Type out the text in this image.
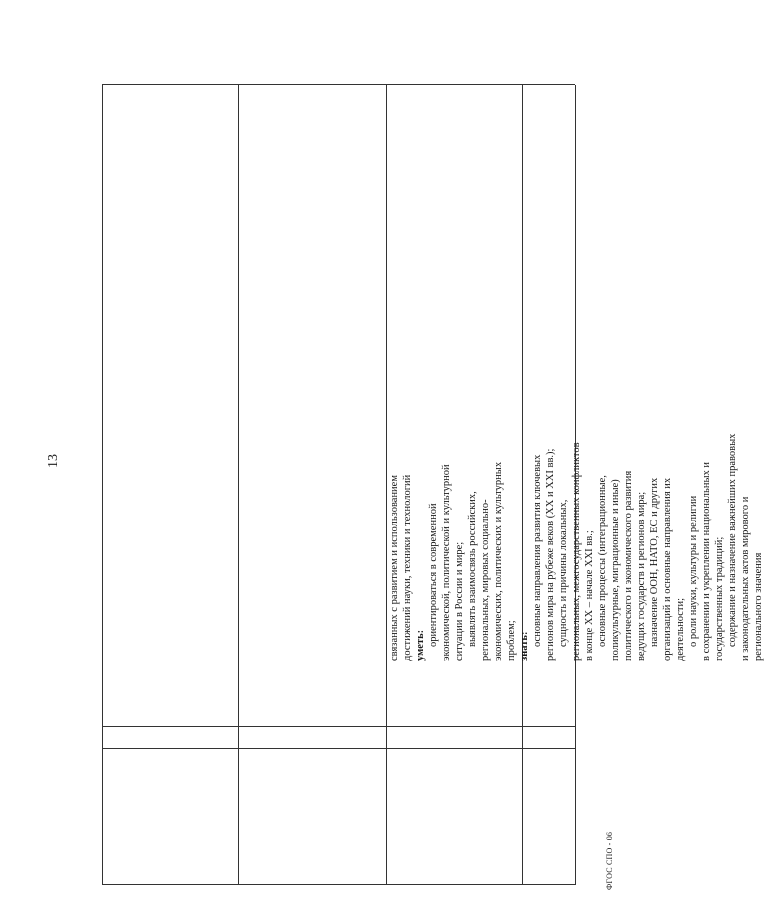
13
ФГОС СПО - 06

связанных с развитием и использованием достижений науки, техники и технологий уметь: ориентироваться в современной экономической, политической и культурной ситуации в России и мире; выявлять взаимосвязь российских, региональных, мировых социально- экономических, политических и культурных проблем; знать: основные направления развития ключевых регионов мира на рубеже веков (XX и XXI вв.); сущность и причины локальных, региональных, межгосударственных конфликтов в конце XX – начале XXI вв.; основные процессы (интеграционные, поликультурные, миграционные и иные) политического и экономического развития ведущих государств и регионов мира; назначение ООН, НАТО, ЕС и других организаций и основные направления их деятельности; о роли науки, культуры и религии в сохранении и укреплении национальных и государственных традиций; содержание и назначение важнейших правовых и законодательных актов мирового и регионального значения
